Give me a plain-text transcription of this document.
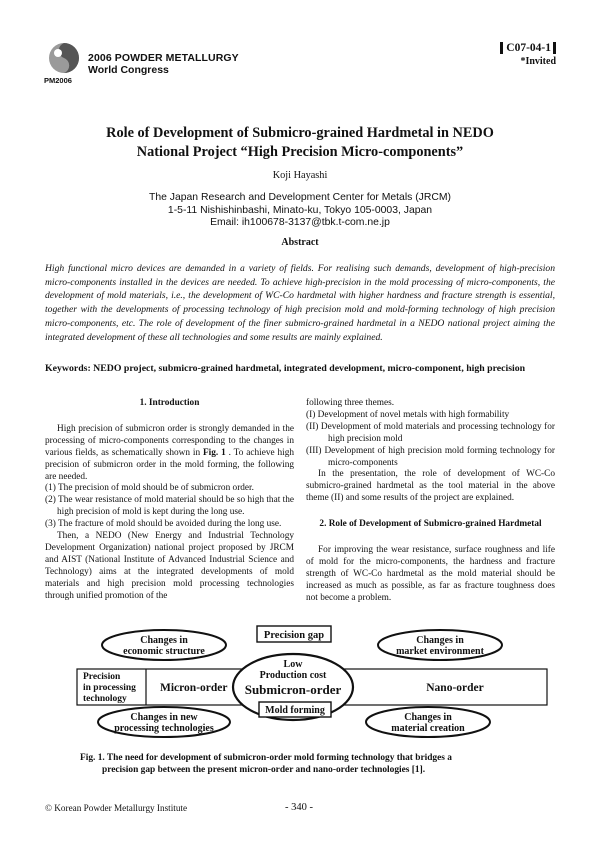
2006 POWDER METALLURGY
World Congress
PM2006
C07-04-1
*Invited
Role of Development of Submicro-grained Hardmetal in NEDO
National Project “High Precision Micro-components”
Koji Hayashi
The Japan Research and Development Center for Metals (JRCM)
1-5-11 Nishishinbashi, Minato-ku, Tokyo 105-0003, Japan
Email: ih100678-3137@tbk.t-com.ne.jp
Abstract
High functional micro devices are demanded in a variety of fields. For realising such demands, development of high-precision micro-components installed in the devices are needed. To achieve high-precision in the mold processing of micro-components, the development of mold materials, i.e., the development of WC-Co hardmetal with higher hardness and fracture strength is essential, together with the developments of processing technology of high precision mold and mold-forming technology of high precision micro-components, etc. The role of development of the finer submicro-grained hardmetal in a NEDO national project aiming the integrated development of these all technologies and some results are mainly explained.
Keywords: NEDO project, submicro-grained hardmetal, integrated development, micro-component, high precision

1. Introduction

High precision of submicron order is strongly demanded in the processing of micro-components corresponding to the changes in various fields, as schematically shown in Fig. 1 . To achieve high precision of submicron order in the mold forming, the following are needed.

(1) The precision of mold should be of submicron order.

(2) The wear resistance of mold material should be so high that the high precision of mold is kept during the long use.

(3) The fracture of mold should be avoided during the long use.

Then, a NEDO (New Energy and Industrial Technology Development Organization) national project proposed by JRCM and AIST (National Institute of Advanced Industrial Science and Technology) aims at the integrated developments of mold materials and high precision mold processing technologies through unified promotion of the

following three themes.

(I) Development of novel metals with high formability

(II) Development of mold materials and processing technology for high precision mold

(III) Development of high precision mold forming technology for micro-components

In the presentation, the role of development of WC-Co submicro-grained hardmetal as the tool material in the above theme (II) and some results of the project are explained.

2. Role of Development of Submicro-grained Hardmetal

For improving the wear resistance, surface roughness and life of mold for the micro-components, the hardness and fracture strength of WC-Co hardmetal as the mold material should be increased as much as possible, as far as fracture toughness does not become a problem.

Changes in
economic structure
Changes in
market environment
Changes in new
processing technologies
Changes in
material creation
Low
Production cost
Submicron-order
Precision gap
Mold forming
Precision
in processing
technology
Micron-order	Nano-order
Fig. 1. The need for development of submicron-order mold forming technology that bridges a
precision gap between the present micron-order and nano-order technologies [1].
© Korean Powder Metallurgy Institute	- 340 -
